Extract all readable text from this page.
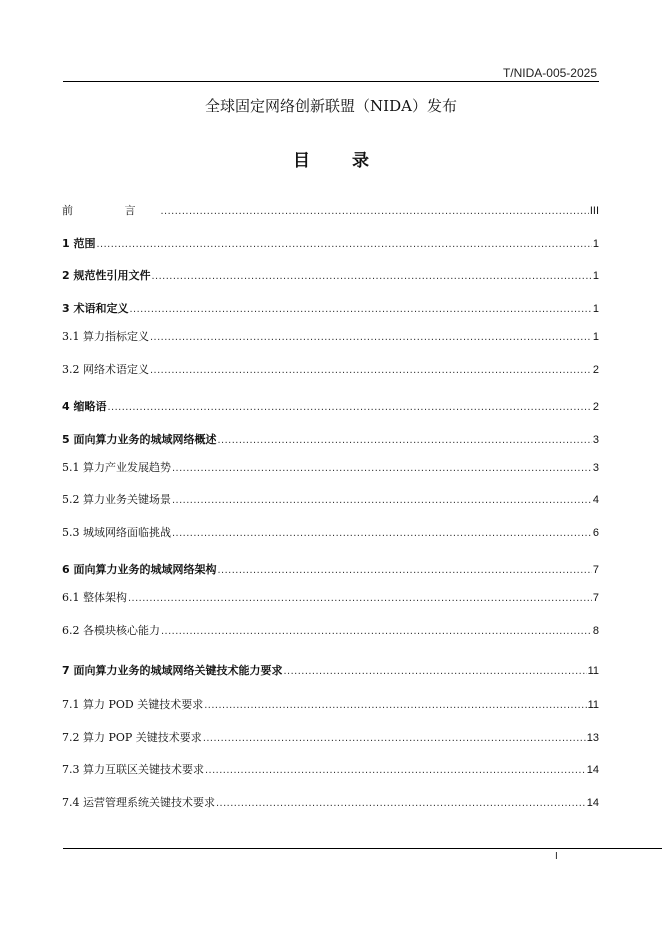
T/NIDA-005-2025
全球固定网络创新联盟（NIDA）发布
目 录
前 言 .....	III
1 范围 .....	1
2 规范性引用文件 .....	1
3 术语和定义 .....	1
3.1 算力指标定义 .....	1
3.2 网络术语定义 .....	2
4 缩略语 .....	2
5 面向算力业务的城域网络概述 .....	3
5.1 算力产业发展趋势 .....	3
5.2 算力业务关键场景 .....	4
5.3 城域网络面临挑战 .....	6
6 面向算力业务的城域网络架构 .....	7
6.1 整体架构 .....	7
6.2 各模块核心能力 .....	8
7 面向算力业务的城域网络关键技术能力要求 .....	11
7.1 算力 POD 关键技术要求 .....	11
7.2 算力 POP 关键技术要求 .....	13
7.3 算力互联区关键技术要求 .....	14
7.4 运营管理系统关键技术要求 .....	14
I
